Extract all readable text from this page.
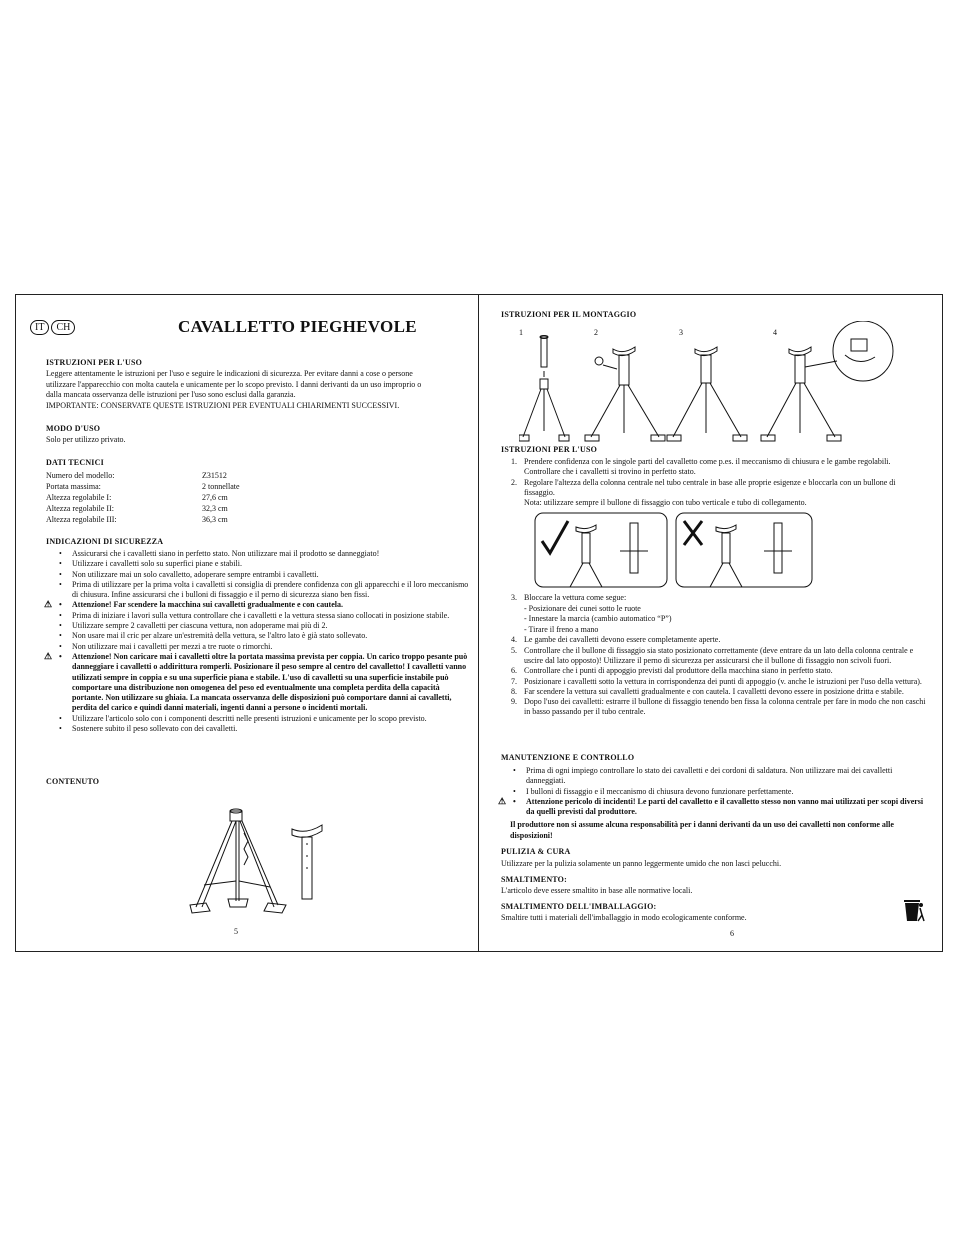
IT	CH	CAVALLETTO PIEGHEVOLE
ISTRUZIONI PER L'USO
Leggere attentamente le istruzioni per l'uso e seguire le indicazioni di sicurezza. Per evitare danni a cose o persone
utilizzare l'apparecchio con molta cautela e unicamente per lo scopo previsto. I danni derivanti da un uso improprio o
dalla mancata osservanza delle istruzioni per l'uso sono esclusi dalla garanzia.
IMPORTANTE: CONSERVATE QUESTE ISTRUZIONI PER EVENTUALI CHIARIMENTI SUCCESSIVI.
MODO D'USO
Solo per utilizzo privato.
DATI TECNICI
Numero del modello:	Z31512
Portata massima:	2 tonnellate
Altezza regolabile I:	27,6 cm
Altezza regolabile II:	32,3 cm
Altezza regolabile III:	36,3 cm
INDICAZIONI DI SICUREZZA
• Assicurarsi che i cavalletti siano in perfetto stato. Non utilizzare mai il prodotto se danneggiato!
• Utilizzare i cavalletti solo su superfici piane e stabili.
• Non utilizzare mai un solo cavalletto, adoperare sempre entrambi i cavalletti.
• Prima di utilizzare per la prima volta i cavalletti si consiglia di prendere confidenza con gli apparecchi e il loro meccanismo di chiusura. Infine assicurarsi che i bulloni di fissaggio e il perno di sicurezza siano ben fissi.
• Attenzione! Far scendere la macchina sui cavalletti gradualmente e con cautela. ⚠
• Prima di iniziare i lavori sulla vettura controllare che i cavalletti e la vettura stessa siano collocati in posizione stabile.
• Utilizzare sempre 2 cavalletti per ciascuna vettura, non adoperame mai più di 2.
• Non usare mai il cric per alzare un'estremità della vettura, se l'altro lato è già stato sollevato.
• Non utilizzare mai i cavalletti per mezzi a tre ruote o rimorchi.
• Attenzione! Non caricare mai i cavalletti oltre la portata massima prevista per coppia. Un carico troppo pesante può danneggiare i cavalletti o addirittura romperli. Posizionare il peso sempre al centro del cavalletto! I cavalletti vanno utilizzati sempre in coppia e su una superficie piana e stabile. L'uso di cavalletti su una superficie instabile può comportare una distribuzione non omogenea del peso ed eventualmente una completa perdita della capacità portante. Non utilizzare su ghiaia. La mancata osservanza delle disposizioni può comportare danni ai cavalletti, perdita del carico e quindi danni materiali, ingenti danni a persone o incidenti mortali. ⚠
• Utilizzare l'articolo solo con i componenti descritti nelle presenti istruzioni e unicamente per lo scopo previsto.
• Sostenere subito il peso sollevato con dei cavalletti.
CONTENUTO
5
ISTRUZIONI PER IL MONTAGGIO
1	2	3	4
ISTRUZIONI PER L'USO
1. Prendere confidenza con le singole parti del cavalletto come p.es. il meccanismo di chiusura e le gambe regolabili. Controllare che i cavalletti si trovino in perfetto stato.
2. Regolare l'altezza della colonna centrale nel tubo centrale in base alle proprie esigenze e bloccarla con un bullone di fissaggio.
Nota: utilizzare sempre il bullone di fissaggio con tubo verticale e tubo di collegamento.
3. Bloccare la vettura come segue:
- Posizionare dei cunei sotto le ruote
- Innestare la marcia (cambio automatico “P”)
- Tirare il freno a mano
4. Le gambe dei cavalletti devono essere completamente aperte.
5. Controllare che il bullone di fissaggio sia stato posizionato correttamente (deve entrare da un lato della colonna centrale e uscire dal lato opposto)! Utilizzare il perno di sicurezza per assicurarsi che il bullone di fissaggio non scivoli fuori.
6. Controllare che i punti di appoggio previsti dal produttore della macchina siano in perfetto stato.
7. Posizionare i cavalletti sotto la vettura in corrispondenza dei punti di appoggio (v. anche le istruzioni per l'uso della vettura).
8. Far scendere la vettura sui cavalletti gradualmente e con cautela. I cavalletti devono essere in posizione dritta e stabile.
9. Dopo l'uso dei cavalletti: estrarre il bullone di fissaggio tenendo ben fissa la colonna centrale per fare in modo che non caschi in basso passando per il tubo centrale.
MANUTENZIONE E CONTROLLO
• Prima di ogni impiego controllare lo stato dei cavalletti e dei cordoni di saldatura. Non utilizzare mai dei cavalletti danneggiati.
• I bulloni di fissaggio e il meccanismo di chiusura devono funzionare perfettamente.
• Attenzione pericolo di incidenti! Le parti del cavalletto e il cavalletto stesso non vanno mai utilizzati per scopi diversi da quelli previsti dal produttore. ⚠
Il produttore non si assume alcuna responsabilità per i danni derivanti da un uso dei cavalletti non conforme alle disposizioni!
PULIZIA & CURA
Utilizzare per la pulizia solamente un panno leggermente umido che non lasci pelucchi.
SMALTIMENTO:
L'articolo deve essere smaltito in base alle normative locali.
SMALTIMENTO DELL'IMBALLAGGIO:
Smaltire tutti i materiali dell'imballaggio in modo ecologicamente conforme.
6
